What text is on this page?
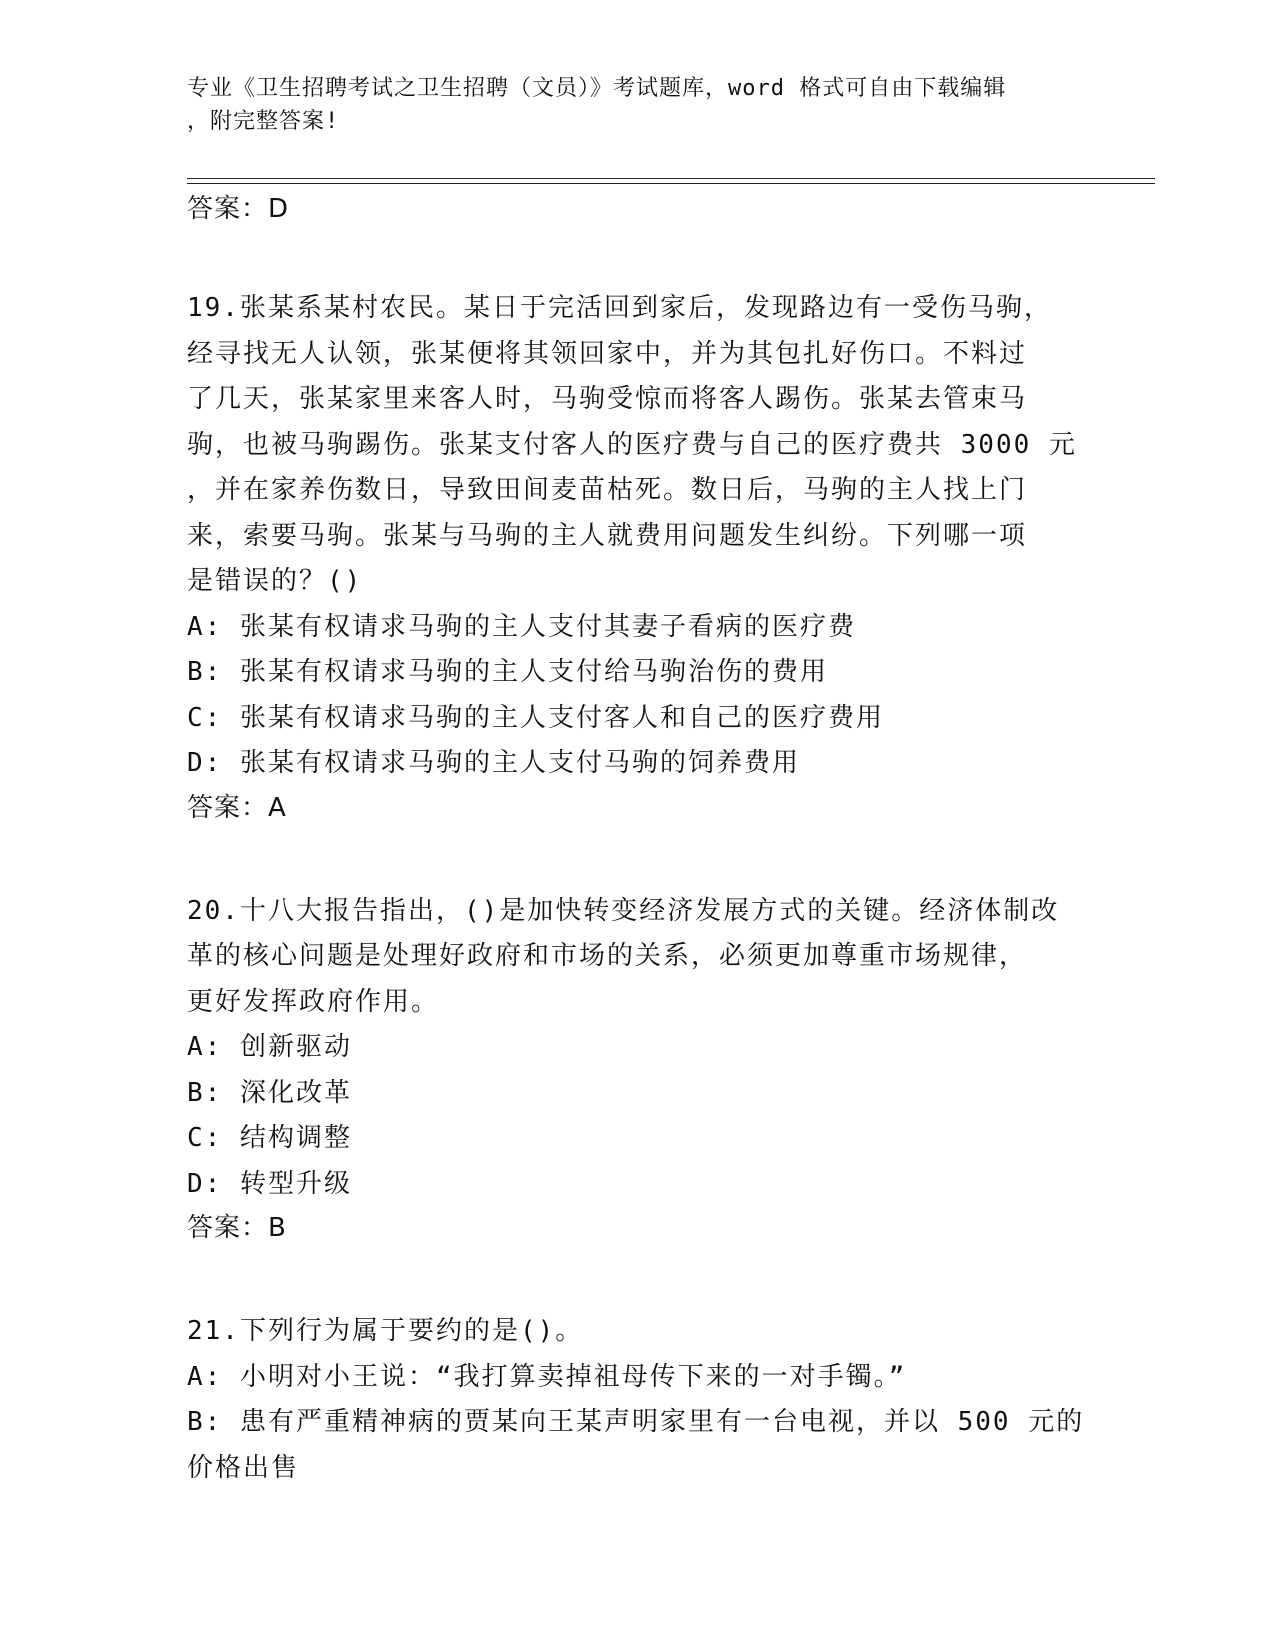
专业《卫生招聘考试之卫生招聘（文员）》考试题库，word 格式可自由下载编辑
，附完整答案!
答案：D

19.张某系某村农民。某日于完活回到家后，发现路边有一受伤马驹，

经寻找无人认领，张某便将其领回家中，并为其包扎好伤口。不料过

了几天，张某家里来客人时，马驹受惊而将客人踢伤。张某去管束马

驹，也被马驹踢伤。张某支付客人的医疗费与自己的医疗费共 3000 元

，并在家养伤数日，导致田间麦苗枯死。数日后，马驹的主人找上门

来，索要马驹。张某与马驹的主人就费用问题发生纠纷。下列哪一项

是错误的？()

A: 张某有权请求马驹的主人支付其妻子看病的医疗费

B: 张某有权请求马驹的主人支付给马驹治伤的费用

C: 张某有权请求马驹的主人支付客人和自己的医疗费用

D: 张某有权请求马驹的主人支付马驹的饲养费用

答案：A

20.十八大报告指出，()是加快转变经济发展方式的关键。经济体制改

革的核心问题是处理好政府和市场的关系，必须更加尊重市场规律，

更好发挥政府作用。

A: 创新驱动

B: 深化改革

C: 结构调整

D: 转型升级

答案：B

21.下列行为属于要约的是()。

A: 小明对小王说：“我打算卖掉祖母传下来的一对手镯。”

B: 患有严重精神病的贾某向王某声明家里有一台电视，并以 500 元的

价格出售
